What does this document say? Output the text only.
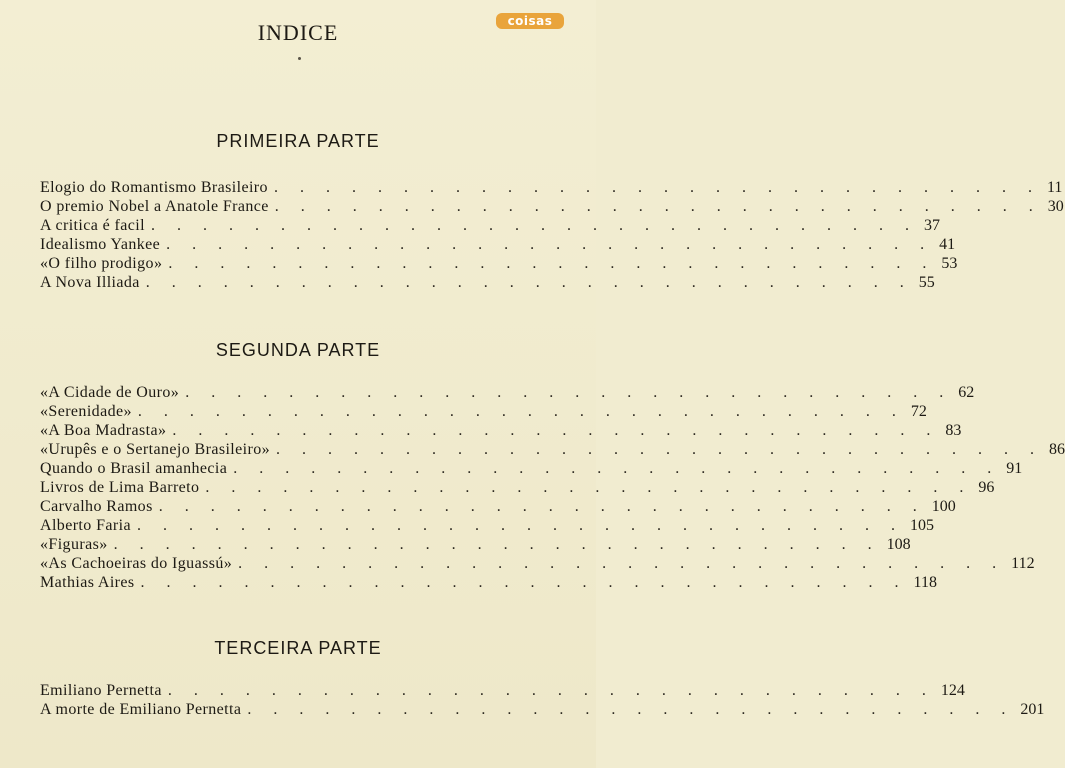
coisas
INDICE
PRIMEIRA PARTE
Elogio do Romantismo Brasileiro . . . . . . . . . . . . . . . . . . . . . . . . . . . . . . 11
O premio Nobel a Anatole France . . . . . . . . . . . . . . . . . . . . . . . . . . . . . . 30
A critica é facil . . . . . . . . . . . . . . . . . . . . . . . . . . . . . . 37
Idealismo Yankee . . . . . . . . . . . . . . . . . . . . . . . . . . . . . . 41
«O filho prodigo» . . . . . . . . . . . . . . . . . . . . . . . . . . . . . . 53
A Nova Illiada . . . . . . . . . . . . . . . . . . . . . . . . . . . . . . 55
SEGUNDA PARTE
«A Cidade de Ouro» . . . . . . . . . . . . . . . . . . . . . . . . . . . . . . 62
«Serenidade» . . . . . . . . . . . . . . . . . . . . . . . . . . . . . . 72
«A Boa Madrasta» . . . . . . . . . . . . . . . . . . . . . . . . . . . . . . 83
«Urupês e o Sertanejo Brasileiro» . . . . . . . . . . . . . . . . . . . . . . . . . . . . . . 86
Quando o Brasil amanhecia . . . . . . . . . . . . . . . . . . . . . . . . . . . . . . 91
Livros de Lima Barreto . . . . . . . . . . . . . . . . . . . . . . . . . . . . . . 96
Carvalho Ramos . . . . . . . . . . . . . . . . . . . . . . . . . . . . . . 100
Alberto Faria . . . . . . . . . . . . . . . . . . . . . . . . . . . . . . 105
«Figuras» . . . . . . . . . . . . . . . . . . . . . . . . . . . . . . 108
«As Cachoeiras do Iguassú» . . . . . . . . . . . . . . . . . . . . . . . . . . . . . . 112
Mathias Aires . . . . . . . . . . . . . . . . . . . . . . . . . . . . . . 118
TERCEIRA PARTE
Emiliano Pernetta . . . . . . . . . . . . . . . . . . . . . . . . . . . . . . 124
A morte de Emiliano Pernetta . . . . . . . . . . . . . . . . . . . . . . . . . . . . . . 201
